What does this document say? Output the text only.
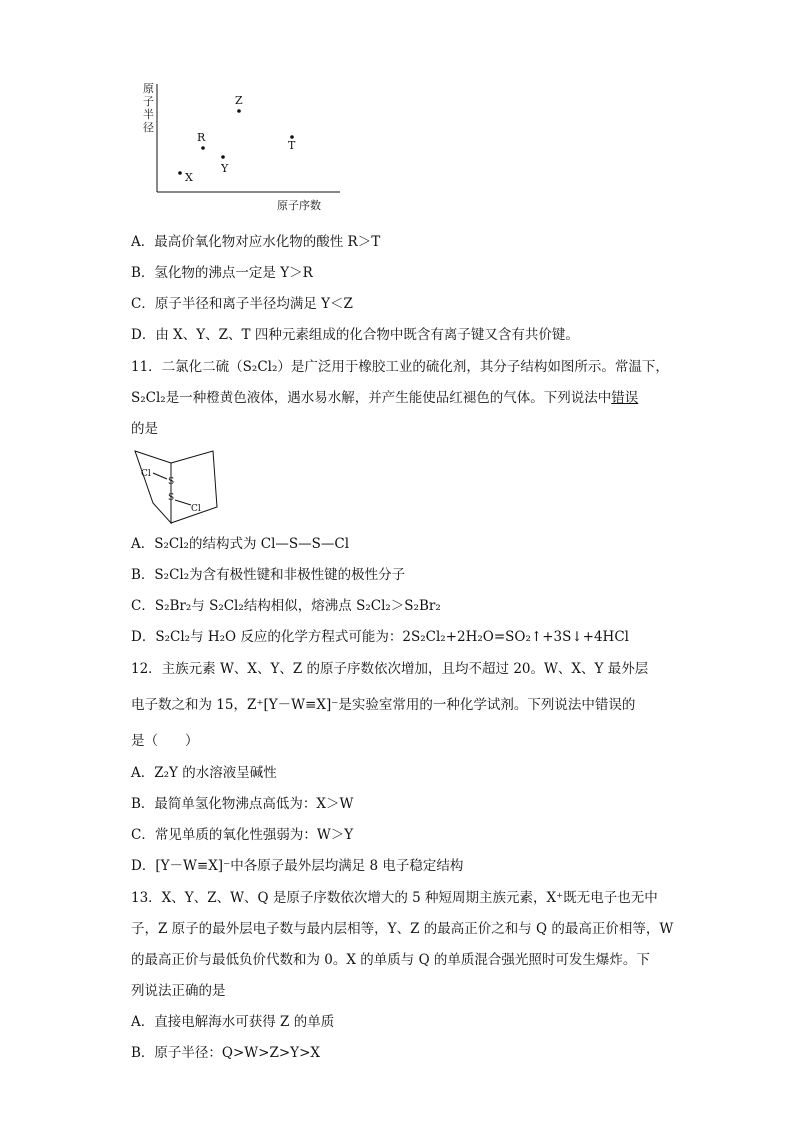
原
子
半
径
原子序数
X
R
Y
Z
T
A．最高价氧化物对应水化物的酸性 R＞T
B．氢化物的沸点一定是 Y＞R
C．原子半径和离子半径均满足 Y＜Z
D．由 X、Y、Z、T 四种元素组成的化合物中既含有离子键又含有共价键。
11．二氯化二硫（S₂Cl₂）是广泛用于橡胶工业的硫化剂，其分子结构如图所示。常温下，
S₂Cl₂是一种橙黄色液体，遇水易水解，并产生能使品红褪色的气体。下列说法中错误
的是
Cl
S
S
Cl
A．S₂Cl₂的结构式为 Cl—S—S—Cl
B．S₂Cl₂为含有极性键和非极性键的极性分子
C．S₂Br₂与 S₂Cl₂结构相似，熔沸点 S₂Cl₂＞S₂Br₂
D．S₂Cl₂与 H₂O 反应的化学方程式可能为：2S₂Cl₂+2H₂O=SO₂↑+3S↓+4HCl
12．主族元素 W、X、Y、Z 的原子序数依次增加，且均不超过 20。W、X、Y 最外层
电子数之和为 15，Z⁺[Y－W≡X]⁻是实验室常用的一种化学试剂。下列说法中错误的
是（　　）
A．Z₂Y 的水溶液呈碱性
B．最简单氢化物沸点高低为：X＞W
C．常见单质的氧化性强弱为：W＞Y
D．[Y－W≡X]⁻中各原子最外层均满足 8 电子稳定结构
13．X、Y、Z、W、Q 是原子序数依次增大的 5 种短周期主族元素，X⁺既无电子也无中
子，Z 原子的最外层电子数与最内层相等，Y、Z 的最高正价之和与 Q 的最高正价相等，W
的最高正价与最低负价代数和为 0。X 的单质与 Q 的单质混合强光照时可发生爆炸。下
列说法正确的是
A．直接电解海水可获得 Z 的单质
B．原子半径：Q>W>Z>Y>X
